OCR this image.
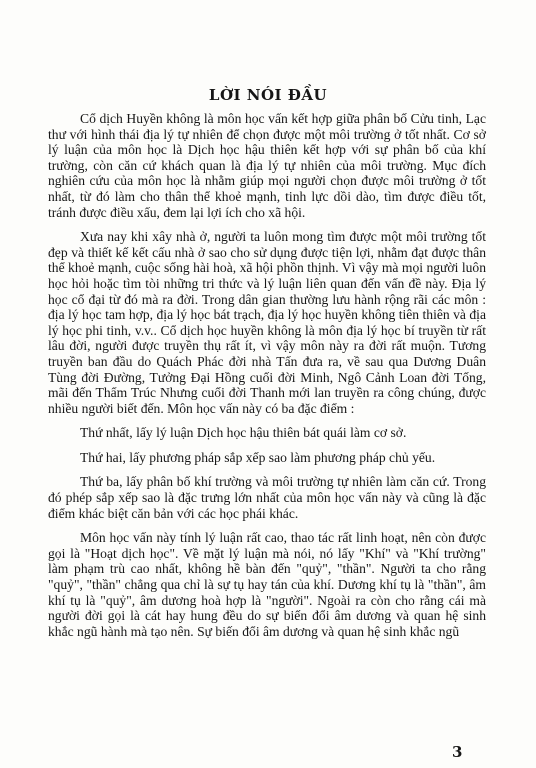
LỜI NÓI ĐẦU

Cổ dịch Huyền không là môn học vấn kết hợp giữa phân bố Cửu tinh, Lạc thư với hình thái địa lý tự nhiên để chọn được một môi trường ở tốt nhất. Cơ sở lý luận của môn học là Dịch học hậu thiên kết hợp với sự phân bố của khí trường, còn căn cứ khách quan là địa lý tự nhiên của môi trường. Mục đích nghiên cứu của môn học là nhằm giúp mọi người chọn được môi trường ở tốt nhất, từ đó làm cho thân thể khoẻ mạnh, tinh lực dồi dào, tìm được điều tốt, tránh được điều xấu, đem lại lợi ích cho xã hội.

Xưa nay khi xây nhà ở, người ta luôn mong tìm được một môi trường tốt đẹp và thiết kế kết cấu nhà ở sao cho sử dụng được tiện lợi, nhằm đạt được thân thể khoẻ mạnh, cuộc sống hài hoà, xã hội phồn thịnh. Vì vậy mà mọi người luôn học hỏi hoặc tìm tòi những tri thức và lý luận liên quan đến vấn đề này. Địa lý học cổ đại từ đó mà ra đời. Trong dân gian thường lưu hành rộng rãi các môn : địa lý học tam hợp, địa lý học bát trạch, địa lý học huyền không tiên thiên và địa lý học phi tinh, v.v.. Cổ dịch học huyền không là môn địa lý học bí truyền từ rất lâu đời, người được truyền thụ rất ít, vì vậy môn này ra đời rất muộn. Tương truyền ban đầu do Quách Phác đời nhà Tấn đưa ra, về sau qua Dương Duân Tùng đời Đường, Tưởng Đại Hồng cuối đời Minh, Ngô Cảnh Loan đời Tống, mãi đến Thẩm Trúc Nhưng cuối đời Thanh mới lan truyền ra công chúng, được nhiều người biết đến. Môn học vấn này có ba đặc điểm :

Thứ nhất, lấy lý luận Dịch học hậu thiên bát quái làm cơ sở.

Thứ hai, lấy phương pháp sắp xếp sao làm phương pháp chủ yếu.

Thứ ba, lấy phân bố khí trường và môi trường tự nhiên làm căn cứ. Trong đó phép sắp xếp sao là đặc trưng lớn nhất của môn học vấn này và cũng là đặc điểm khác biệt căn bản với các học phái khác.

Môn học vấn này tính lý luận rất cao, thao tác rất linh hoạt, nên còn được gọi là "Hoạt dịch học". Về mặt lý luận mà nói, nó lấy "Khí" và "Khí trường" làm phạm trù cao nhất, không hề bàn đến "quỷ", "thần". Người ta cho rằng "quỷ", "thần" chẳng qua chỉ là sự tụ hay tán của khí. Dương khí tụ là "thần", âm khí tụ là "quỷ", âm dương hoà hợp là "người". Ngoài ra còn cho rằng cái mà người đời gọi là cát hay hung đều do sự biến đổi âm dương và quan hệ sinh khắc ngũ hành mà tạo nên. Sự biến đổi âm dương và quan hệ sinh khắc ngũ

3
